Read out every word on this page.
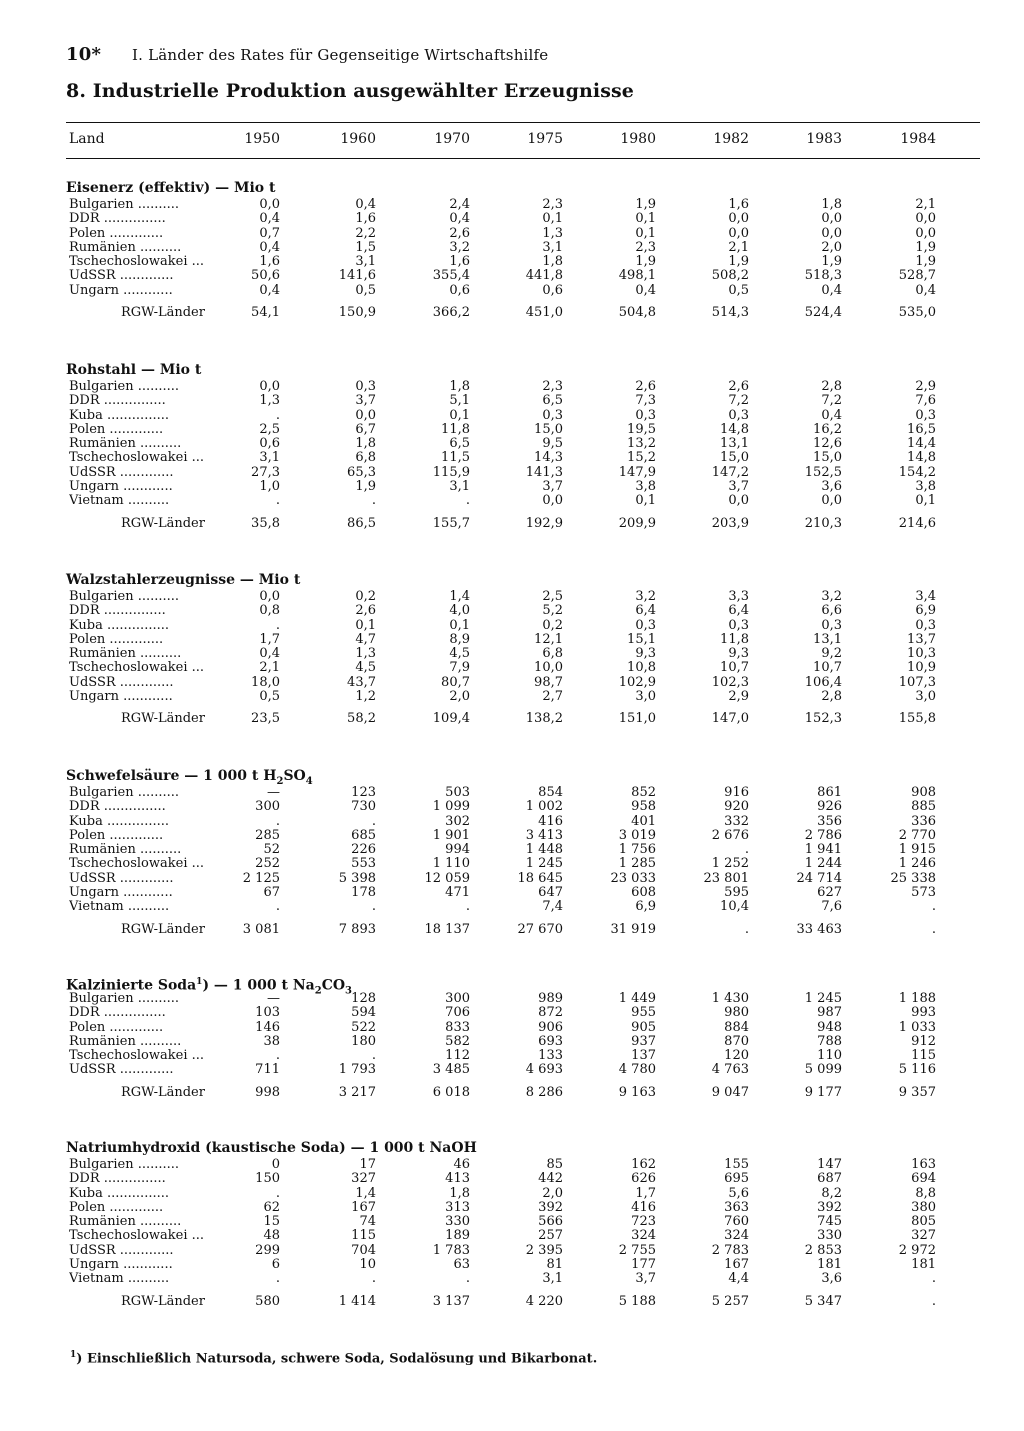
10* I. Länder des Rates für Gegenseitige Wirtschaftshilfe
8. Industrielle Produktion ausgewählter Erzeugnisse
Land	1950	1960	1970	1975	1980	1982	1983	1984
Eisenerz (effektiv) — Mio t
Bulgarien ..........	0,0	0,4	2,4	2,3	1,9	1,6	1,8	2,1
DDR ...............	0,4	1,6	0,4	0,1	0,1	0,0	0,0	0,0
Polen .............	0,7	2,2	2,6	1,3	0,1	0,0	0,0	0,0
Rumänien ..........	0,4	1,5	3,2	3,1	2,3	2,1	2,0	1,9
Tschechoslowakei ...	1,6	3,1	1,6	1,8	1,9	1,9	1,9	1,9
UdSSR .............	50,6	141,6	355,4	441,8	498,1	508,2	518,3	528,7
Ungarn ............	0,4	0,5	0,6	0,6	0,4	0,5	0,4	0,4
RGW-Länder	54,1	150,9	366,2	451,0	504,8	514,3	524,4	535,0
Rohstahl — Mio t
Bulgarien ..........	0,0	0,3	1,8	2,3	2,6	2,6	2,8	2,9
DDR ...............	1,3	3,7	5,1	6,5	7,3	7,2	7,2	7,6
Kuba ...............	.	0,0	0,1	0,3	0,3	0,3	0,4	0,3
Polen .............	2,5	6,7	11,8	15,0	19,5	14,8	16,2	16,5
Rumänien ..........	0,6	1,8	6,5	9,5	13,2	13,1	12,6	14,4
Tschechoslowakei ...	3,1	6,8	11,5	14,3	15,2	15,0	15,0	14,8
UdSSR .............	27,3	65,3	115,9	141,3	147,9	147,2	152,5	154,2
Ungarn ............	1,0	1,9	3,1	3,7	3,8	3,7	3,6	3,8
Vietnam ..........	.	.	.	0,0	0,1	0,0	0,0	0,1
RGW-Länder	35,8	86,5	155,7	192,9	209,9	203,9	210,3	214,6
Walzstahlerzeugnisse — Mio t
Bulgarien ..........	0,0	0,2	1,4	2,5	3,2	3,3	3,2	3,4
DDR ...............	0,8	2,6	4,0	5,2	6,4	6,4	6,6	6,9
Kuba ...............	.	0,1	0,1	0,2	0,3	0,3	0,3	0,3
Polen .............	1,7	4,7	8,9	12,1	15,1	11,8	13,1	13,7
Rumänien ..........	0,4	1,3	4,5	6,8	9,3	9,3	9,2	10,3
Tschechoslowakei ...	2,1	4,5	7,9	10,0	10,8	10,7	10,7	10,9
UdSSR .............	18,0	43,7	80,7	98,7	102,9	102,3	106,4	107,3
Ungarn ............	0,5	1,2	2,0	2,7	3,0	2,9	2,8	3,0
RGW-Länder	23,5	58,2	109,4	138,2	151,0	147,0	152,3	155,8
Schwefelsäure — 1 000 t $H_2SO_4$
Bulgarien ..........	—	123	503	854	852	916	861	908
DDR ...............	300	730	1 099	1 002	958	920	926	885
Kuba ...............	.	.	302	416	401	332	356	336
Polen .............	285	685	1 901	3 413	3 019	2 676	2 786	2 770
Rumänien ..........	52	226	994	1 448	1 756	.	1 941	1 915
Tschechoslowakei ...	252	553	1 110	1 245	1 285	1 252	1 244	1 246
UdSSR .............	2 125	5 398	12 059	18 645	23 033	23 801	24 714	25 338
Ungarn ............	67	178	471	647	608	595	627	573
Vietnam ..........	.	.	.	7,4	6,9	10,4	7,6	.
RGW-Länder	3 081	7 893	18 137	27 670	31 919	.	33 463	.
Kalzinierte Soda$^1$) — 1 000 t $Na_2CO_3$
Bulgarien ..........	—	128	300	989	1 449	1 430	1 245	1 188
DDR ...............	103	594	706	872	955	980	987	993
Polen .............	146	522	833	906	905	884	948	1 033
Rumänien ..........	38	180	582	693	937	870	788	912
Tschechoslowakei ...	.	.	112	133	137	120	110	115
UdSSR .............	711	1 793	3 485	4 693	4 780	4 763	5 099	5 116
RGW-Länder	998	3 217	6 018	8 286	9 163	9 047	9 177	9 357
Natriumhydroxid (kaustische Soda) — 1 000 t NaOH
Bulgarien ..........	0	17	46	85	162	155	147	163
DDR ...............	150	327	413	442	626	695	687	694
Kuba ...............	.	1,4	1,8	2,0	1,7	5,6	8,2	8,8
Polen .............	62	167	313	392	416	363	392	380
Rumänien ..........	15	74	330	566	723	760	745	805
Tschechoslowakei ...	48	115	189	257	324	324	330	327
UdSSR .............	299	704	1 783	2 395	2 755	2 783	2 853	2 972
Ungarn ............	6	10	63	81	177	167	181	181
Vietnam ..........	.	.	.	3,1	3,7	4,4	3,6	.
RGW-Länder	580	1 414	3 137	4 220	5 188	5 257	5 347	.
$^1$) Einschließlich Natursoda, schwere Soda, Sodalösung und Bikarbonat.
